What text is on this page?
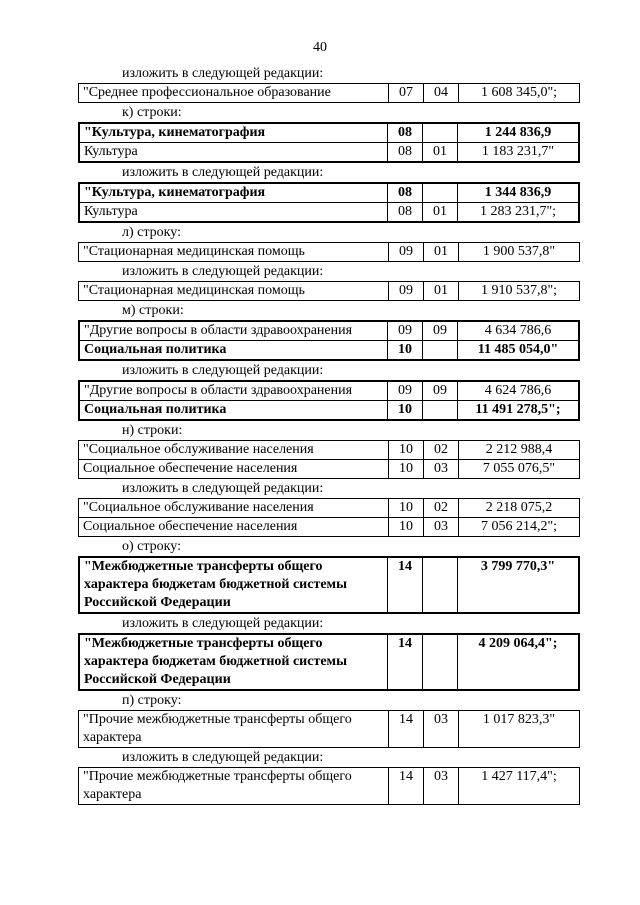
40
изложить в следующей редакции:
"Среднее профессиональное образование	07	04	1 608 345,0";
к) строки:
"Культура, кинематография	08		1 244 836,9
Культура	08	01	1 183 231,7"
изложить в следующей редакции:
"Культура, кинематография	08		1 344 836,9
Культура	08	01	1 283 231,7";
л) строку:
"Стационарная медицинская помощь	09	01	1 900 537,8"
изложить в следующей редакции:
"Стационарная медицинская помощь	09	01	1 910 537,8";
м) строки:
"Другие вопросы в области здравоохранения	09	09	4 634 786,6
Социальная политика	10		11 485 054,0"
изложить в следующей редакции:
"Другие вопросы в области здравоохранения	09	09	4 624 786,6
Социальная политика	10		11 491 278,5";
н) строки:
"Социальное обслуживание населения	10	02	2 212 988,4
Социальное обеспечение населения	10	03	7 055 076,5"
изложить в следующей редакции:
"Социальное обслуживание населения	10	02	2 218 075,2
Социальное обеспечение населения	10	03	7 056 214,2";
о) строку:
"Межбюджетные трансферты общего характера бюджетам бюджетной системы Российской Федерации	14		3 799 770,3"
изложить в следующей редакции:
"Межбюджетные трансферты общего характера бюджетам бюджетной системы Российской Федерации	14		4 209 064,4";
п) строку:
"Прочие межбюджетные трансферты общего характера	14	03	1 017 823,3"
изложить в следующей редакции:
"Прочие межбюджетные трансферты общего характера	14	03	1 427 117,4";
